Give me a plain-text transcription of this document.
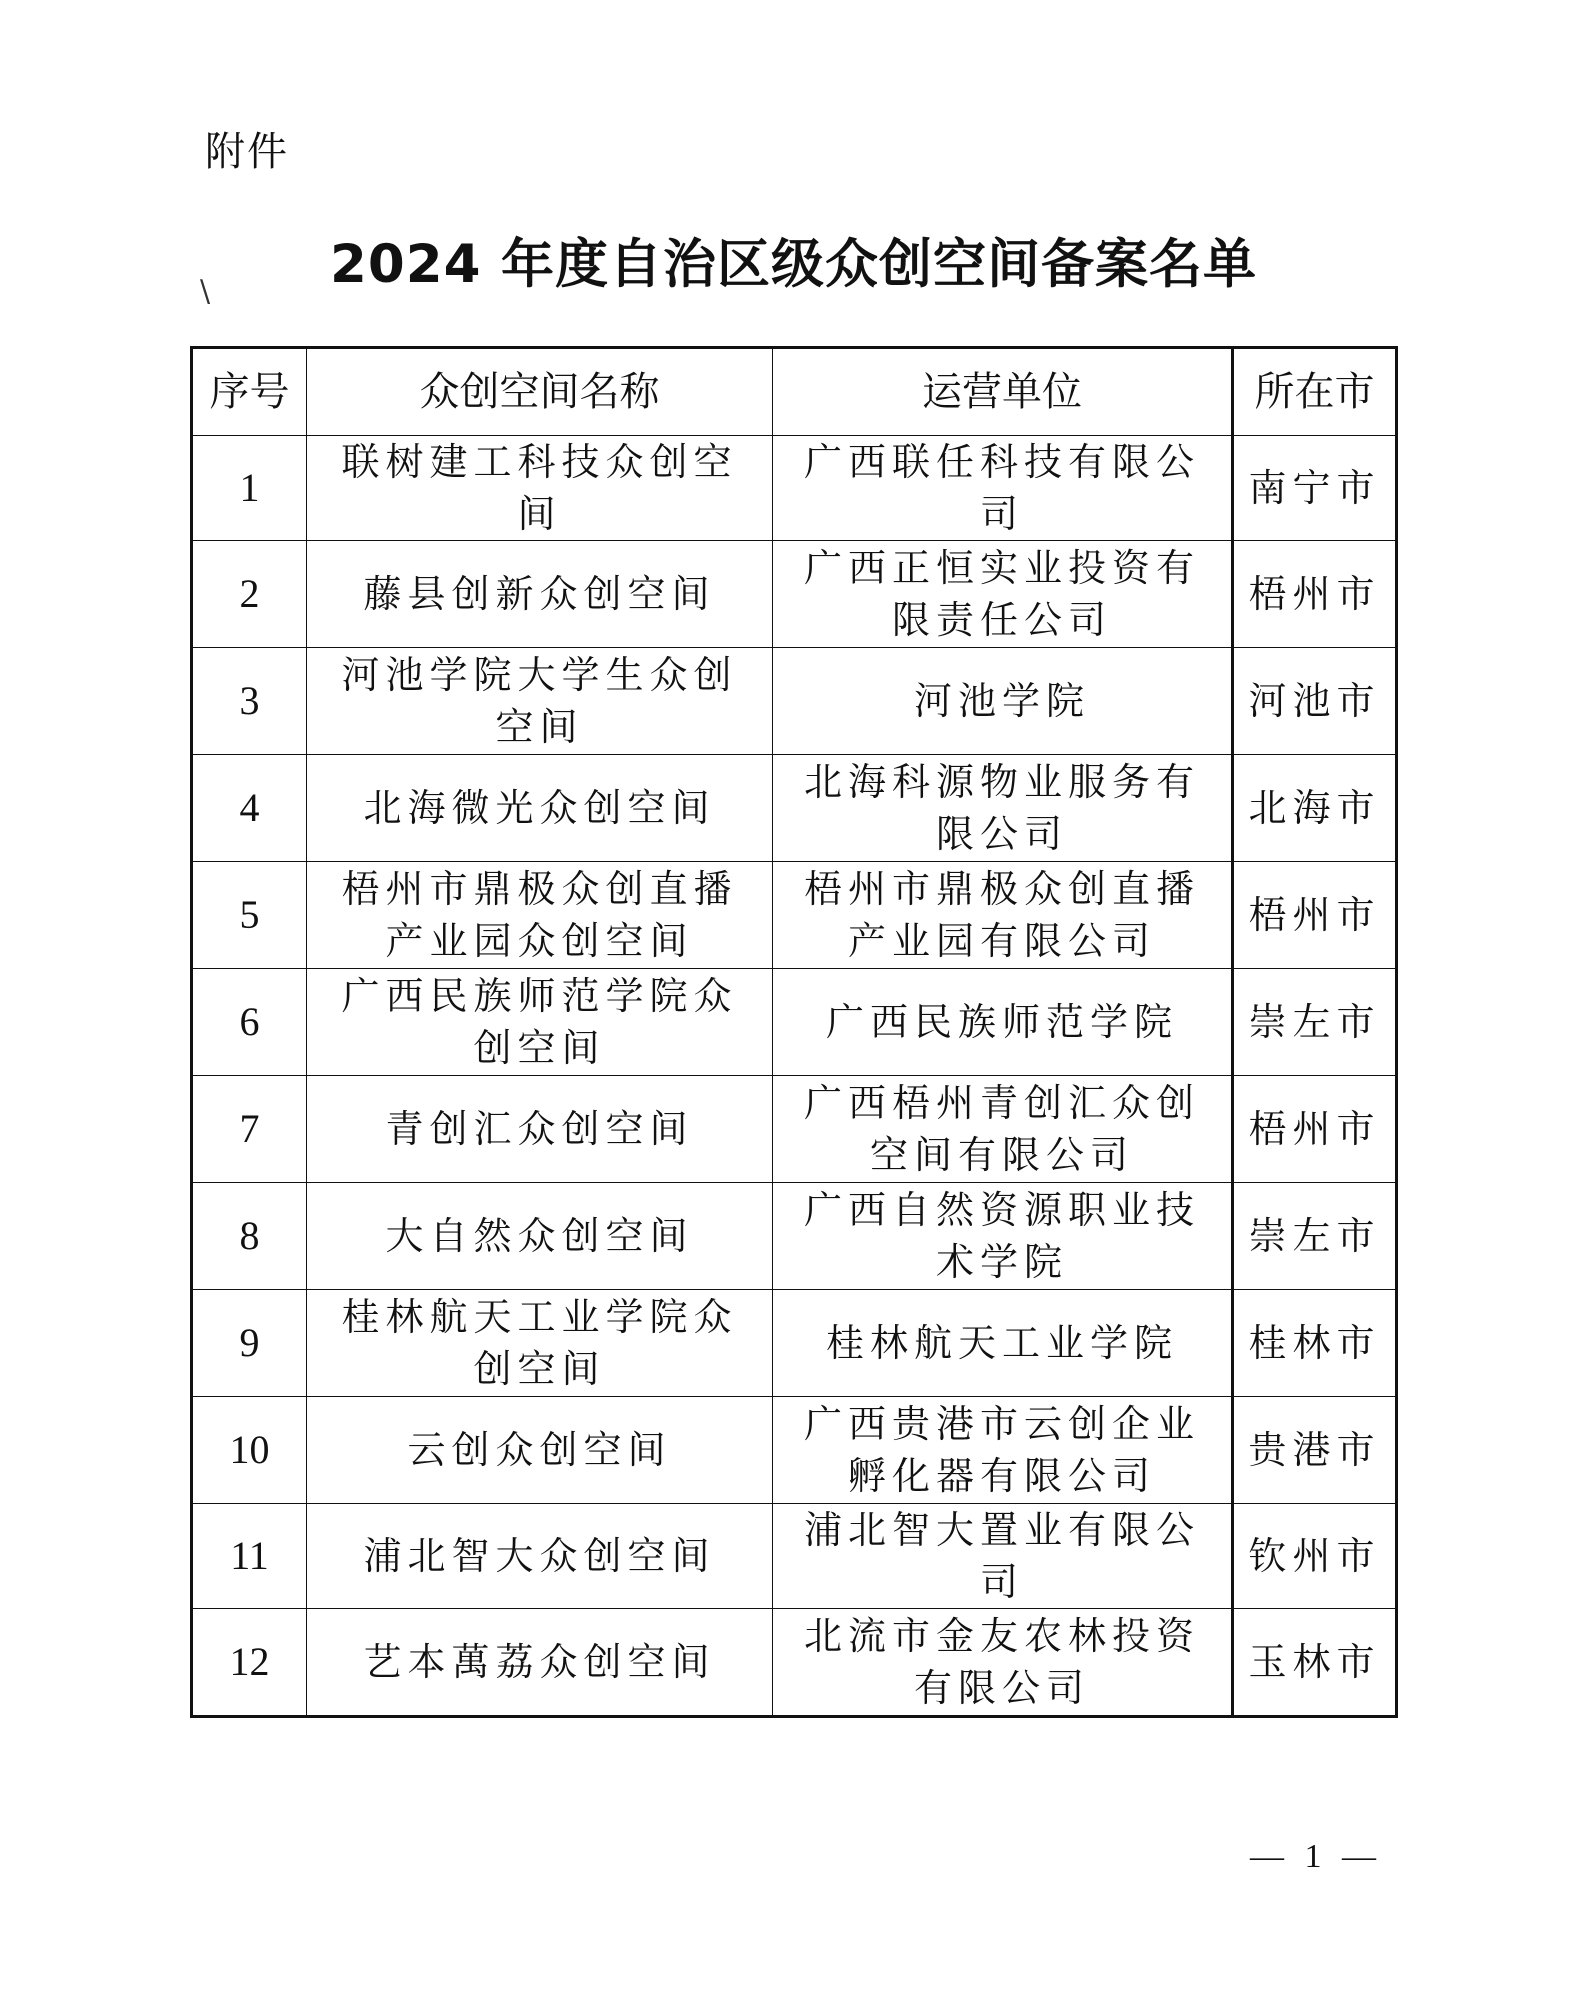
附件
\	2024 年度自治区级众创空间备案名单
序号	众创空间名称	运营单位	所在市
1	联树建工科技众创空间	广西联任科技有限公司	南宁市
2	藤县创新众创空间	广西正恒实业投资有限责任公司	梧州市
3	河池学院大学生众创空间	河池学院	河池市
4	北海微光众创空间	北海科源物业服务有限公司	北海市
5	梧州市鼎极众创直播产业园众创空间	梧州市鼎极众创直播产业园有限公司	梧州市
6	广西民族师范学院众创空间	广西民族师范学院	崇左市
7	青创汇众创空间	广西梧州青创汇众创空间有限公司	梧州市
8	大自然众创空间	广西自然资源职业技术学院	崇左市
9	桂林航天工业学院众创空间	桂林航天工业学院	桂林市
10	云创众创空间	广西贵港市云创企业孵化器有限公司	贵港市
11	浦北智大众创空间	浦北智大置业有限公司	钦州市
12	艺本萬荔众创空间	北流市金友农林投资有限公司	玉林市
— 1 —
